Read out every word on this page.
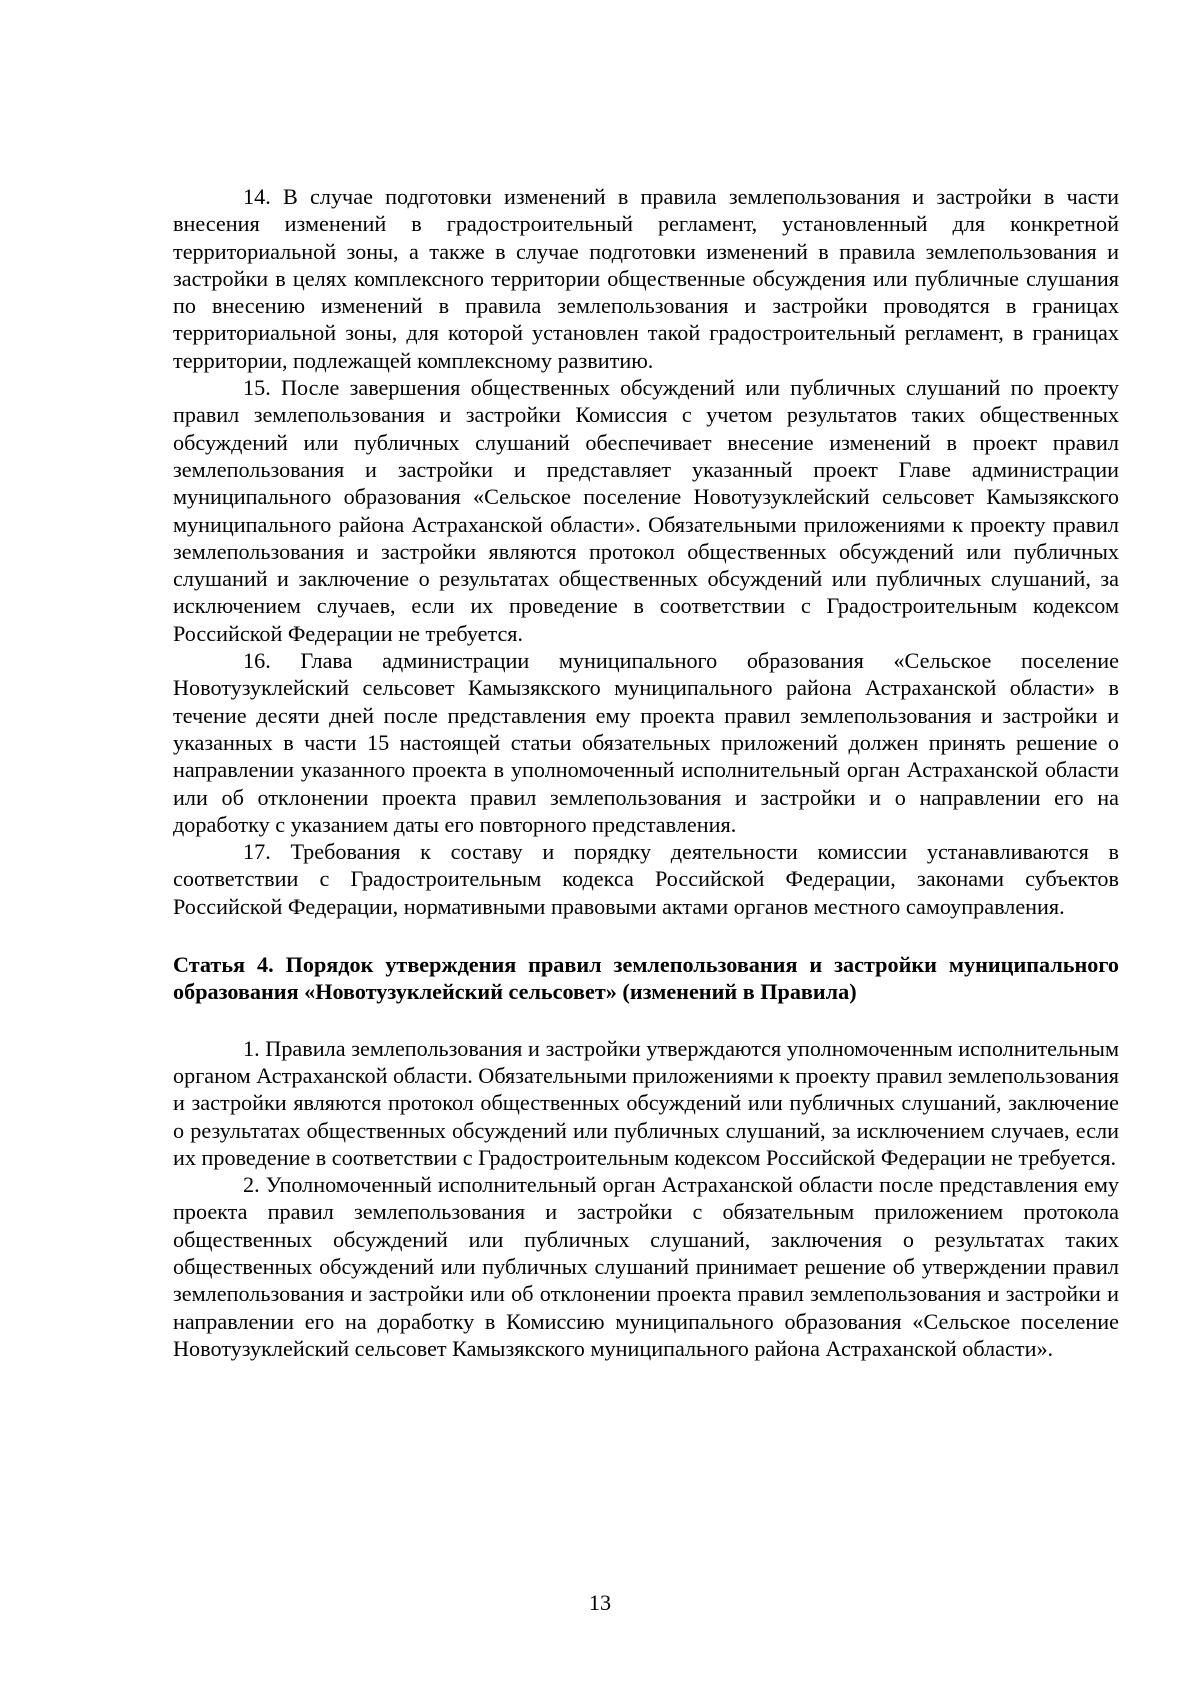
14. В случае подготовки изменений в правила землепользования и застройки в части внесения изменений в градостроительный регламент, установленный для конкретной территориальной зоны, а также в случае подготовки изменений в правила землепользования и застройки в целях комплексного территории общественные обсуждения или публичные слушания по внесению изменений в правила землепользования и застройки проводятся в границах территориальной зоны, для которой установлен такой градостроительный регламент, в границах территории, подлежащей комплексному развитию.

15. После завершения общественных обсуждений или публичных слушаний по проекту правил землепользования и застройки Комиссия с учетом результатов таких общественных обсуждений или публичных слушаний обеспечивает внесение изменений в проект правил землепользования и застройки и представляет указанный проект Главе администрации муниципального образования «Сельское поселение Новотузуклейский сельсовет Камызякского муниципального района Астраханской области». Обязательными приложениями к проекту правил землепользования и застройки являются протокол общественных обсуждений или публичных слушаний и заключение о результатах общественных обсуждений или публичных слушаний, за исключением случаев, если их проведение в соответствии с Градостроительным кодексом Российской Федерации не требуется.

16. Глава администрации муниципального образования «Сельское поселение Новотузуклейский сельсовет Камызякского муниципального района Астраханской области» в течение десяти дней после представления ему проекта правил землепользования и застройки и указанных в части 15 настоящей статьи обязательных приложений должен принять решение о направлении указанного проекта в уполномоченный исполнительный орган Астраханской области или об отклонении проекта правил землепользования и застройки и о направлении его на доработку с указанием даты его повторного представления.

17. Требования к составу и порядку деятельности комиссии устанавливаются в соответствии с Градостроительным кодекса Российской Федерации, законами субъектов Российской Федерации, нормативными правовыми актами органов местного самоуправления.

Статья 4. Порядок утверждения правил землепользования и застройки муниципального образования «Новотузуклейский сельсовет» (изменений в Правила)

1. Правила землепользования и застройки утверждаются уполномоченным исполнительным органом Астраханской области. Обязательными приложениями к проекту правил землепользования и застройки являются протокол общественных обсуждений или публичных слушаний, заключение о результатах общественных обсуждений или публичных слушаний, за исключением случаев, если их проведение в соответствии с Градостроительным кодексом Российской Федерации не требуется.

2. Уполномоченный исполнительный орган Астраханской области после представления ему проекта правил землепользования и застройки с обязательным приложением протокола общественных обсуждений или публичных слушаний, заключения о результатах таких общественных обсуждений или публичных слушаний принимает решение об утверждении правил землепользования и застройки или об отклонении проекта правил землепользования и застройки и направлении его на доработку в Комиссию муниципального образования «Сельское поселение Новотузуклейский сельсовет Камызякского муниципального района Астраханской области».

13
